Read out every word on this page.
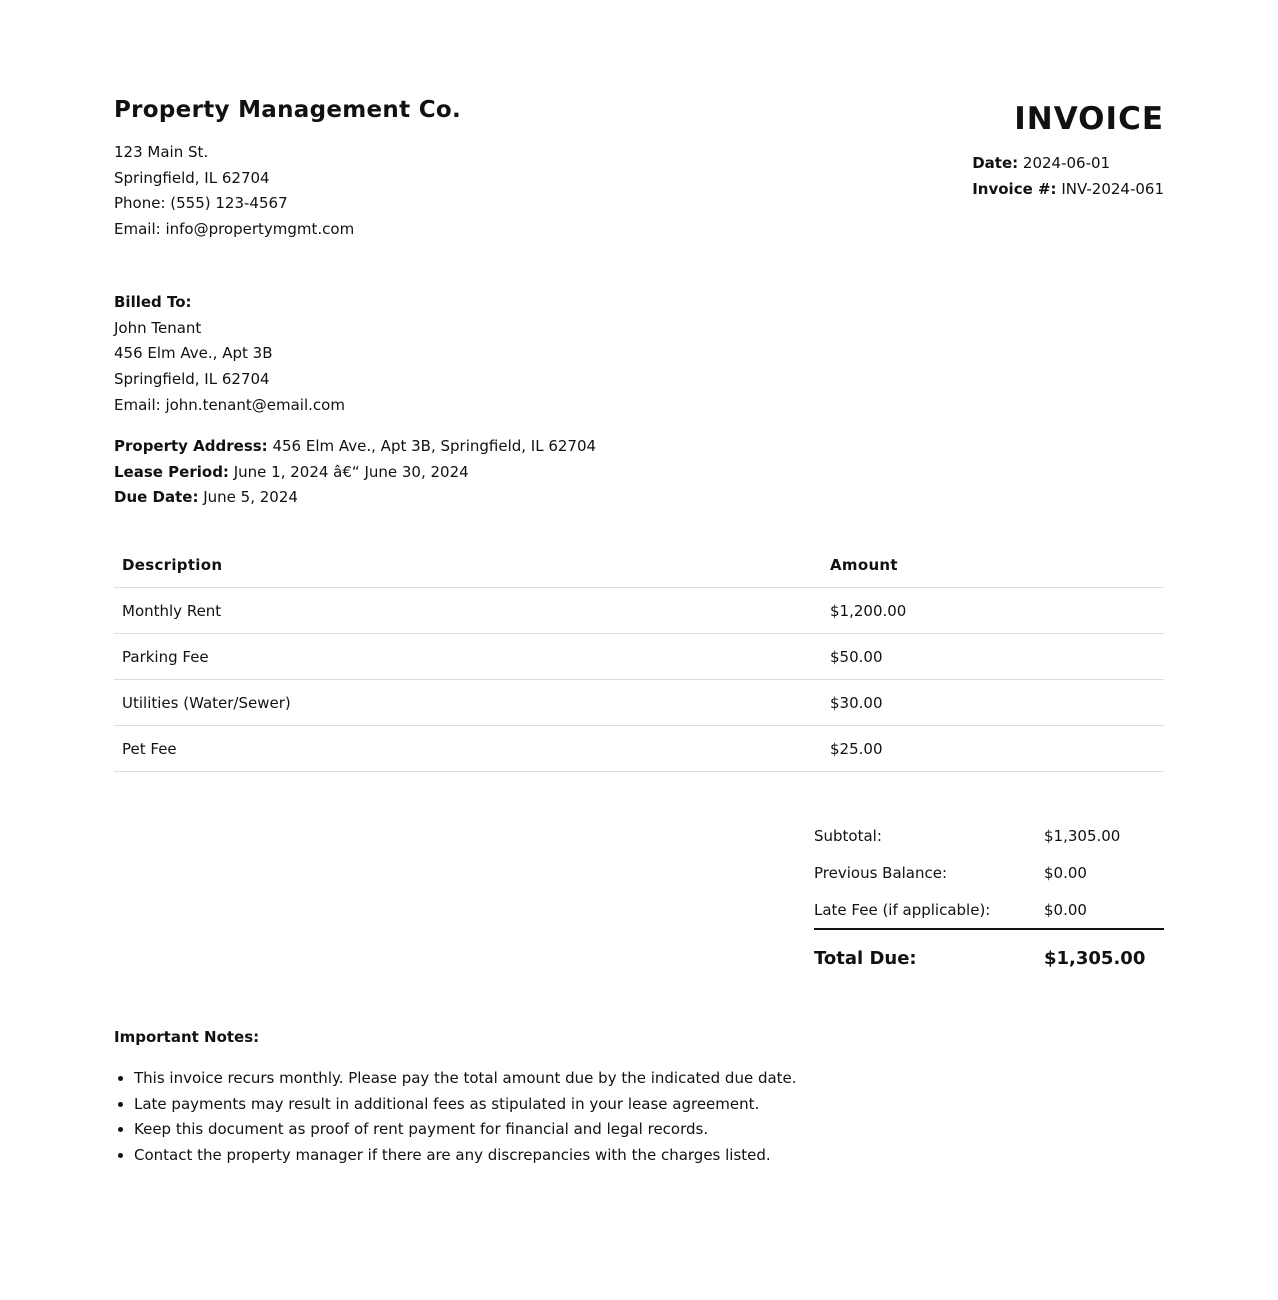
Property Management Co.
123 Main St.
Springfield, IL 62704
Phone: (555) 123-4567
Email: info@propertymgmt.com
INVOICE
Date: 2024-06-01
Invoice #: INV-2024-061
Billed To:
John Tenant
456 Elm Ave., Apt 3B
Springfield, IL 62704
Email: john.tenant@email.com
Property Address: 456 Elm Ave., Apt 3B, Springfield, IL 62704
Lease Period: June 1, 2024 â€“ June 30, 2024
Due Date: June 5, 2024
Description	Amount
Monthly Rent	$1,200.00
Parking Fee	$50.00
Utilities (Water/Sewer)	$30.00
Pet Fee	$25.00
Subtotal:	$1,305.00
Previous Balance:	$0.00
Late Fee (if applicable):	$0.00
Total Due:	$1,305.00
Important Notes:
• This invoice recurs monthly. Please pay the total amount due by the indicated due date.
• Late payments may result in additional fees as stipulated in your lease agreement.
• Keep this document as proof of rent payment for financial and legal records.
• Contact the property manager if there are any discrepancies with the charges listed.
